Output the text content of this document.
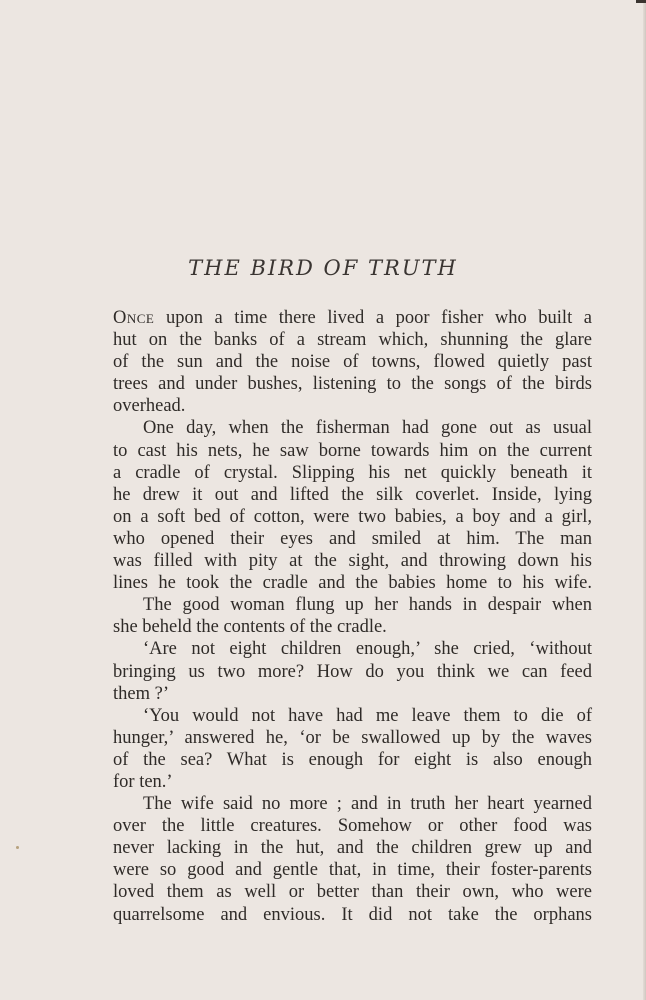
THE BIRD OF TRUTH

Once upon a time there lived a poor fisher who built a
hut on the banks of a stream which, shunning the glare
of the sun and the noise of towns, flowed quietly past
trees and under bushes, listening to the songs of the birds
overhead.

One day, when the fisherman had gone out as usual
to cast his nets, he saw borne towards him on the current
a cradle of crystal. Slipping his net quickly beneath it
he drew it out and lifted the silk coverlet. Inside, lying
on a soft bed of cotton, were two babies, a boy and a girl,
who opened their eyes and smiled at him. The man
was filled with pity at the sight, and throwing down his
lines he took the cradle and the babies home to his wife.

The good woman flung up her hands in despair when
she beheld the contents of the cradle.

‘Are not eight children enough,’ she cried, ‘without
bringing us two more? How do you think we can feed
them ?’

‘You would not have had me leave them to die of
hunger,’ answered he, ‘or be swallowed up by the waves
of the sea? What is enough for eight is also enough
for ten.’

The wife said no more ; and in truth her heart yearned
over the little creatures. Somehow or other food was
never lacking in the hut, and the children grew up and
were so good and gentle that, in time, their foster-parents
loved them as well or better than their own, who were
quarrelsome and envious. It did not take the orphans
